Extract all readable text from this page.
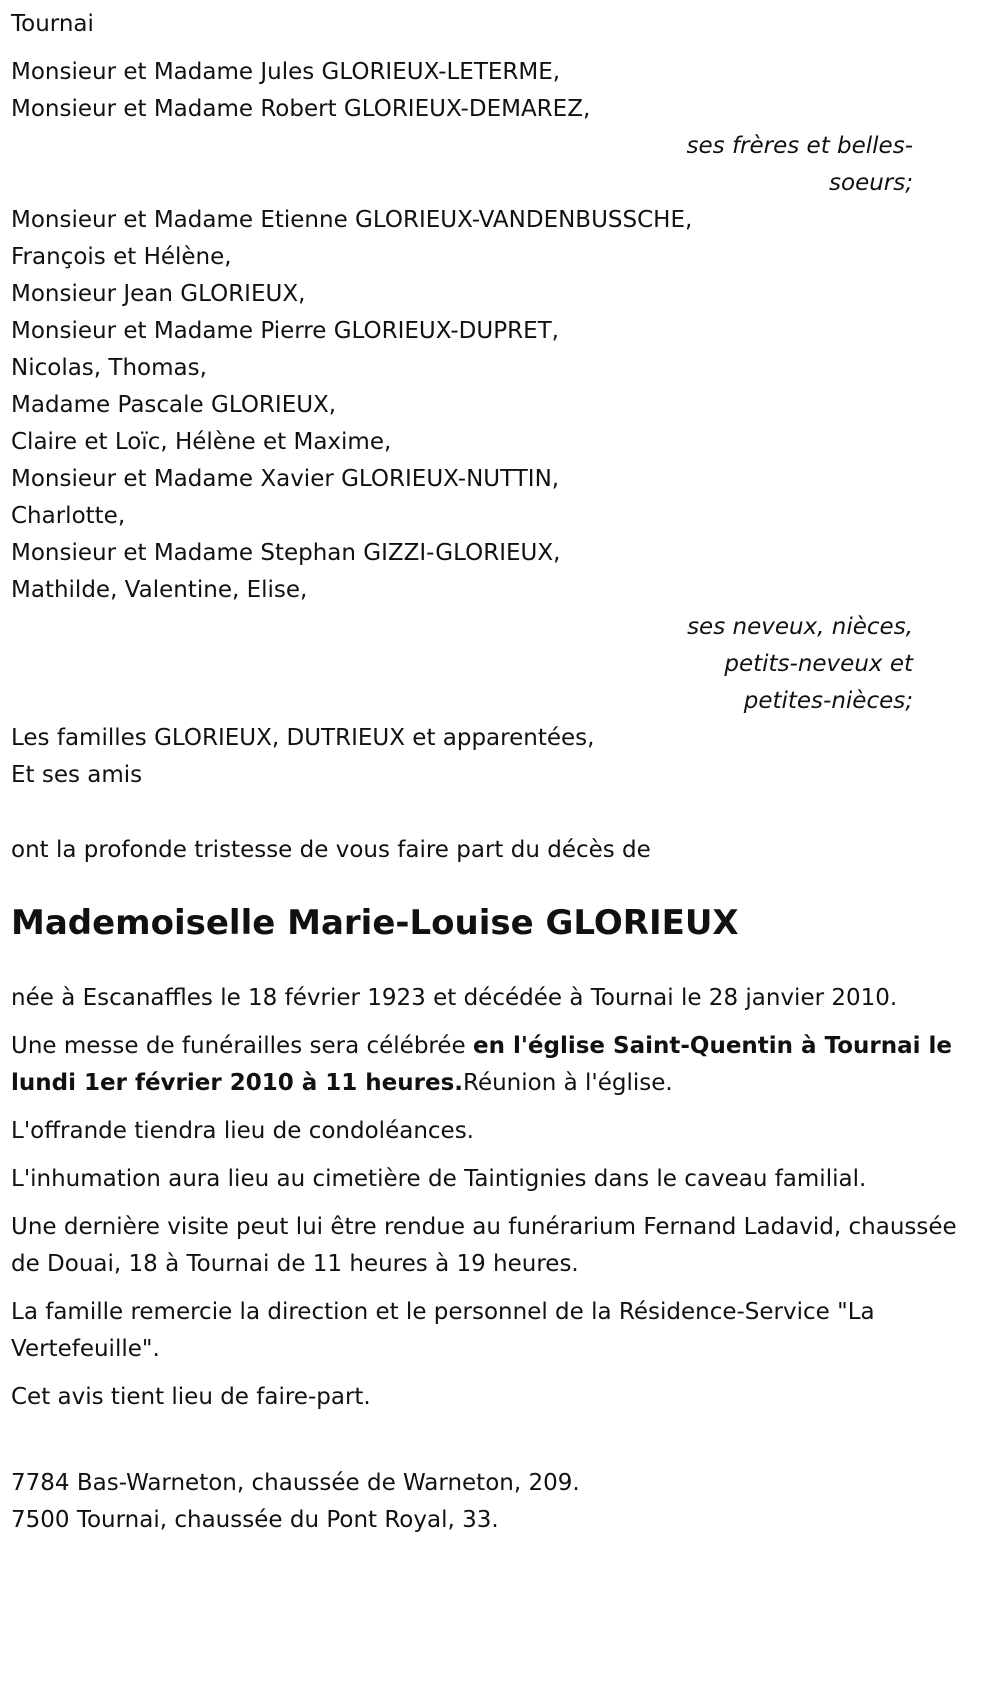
Tournai
Monsieur et Madame Jules GLORIEUX-LETERME,
Monsieur et Madame Robert GLORIEUX-DEMAREZ,
ses frères et belles-
soeurs;
Monsieur et Madame Etienne GLORIEUX-VANDENBUSSCHE,
François et Hélène,
Monsieur Jean GLORIEUX,
Monsieur et Madame Pierre GLORIEUX-DUPRET,
Nicolas, Thomas,
Madame Pascale GLORIEUX,
Claire et Loïc, Hélène et Maxime,
Monsieur et Madame Xavier GLORIEUX-NUTTIN,
Charlotte,
Monsieur et Madame Stephan GIZZI-GLORIEUX,
Mathilde, Valentine, Elise,
ses neveux, nièces,
petits-neveux et
petites-nièces;
Les familles GLORIEUX, DUTRIEUX et apparentées,
Et ses amis
ont la profonde tristesse de vous faire part du décès de
Mademoiselle Marie-Louise GLORIEUX
née à Escanaffles le 18 février 1923 et décédée à Tournai le 28 janvier 2010.
Une messe de funérailles sera célébrée en l'église Saint-Quentin à Tournai le lundi 1er février 2010 à 11 heures.Réunion à l'église.
L'offrande tiendra lieu de condoléances.
L'inhumation aura lieu au cimetière de Taintignies dans le caveau familial.
Une dernière visite peut lui être rendue au funérarium Fernand Ladavid, chaussée de Douai, 18 à Tournai de 11 heures à 19 heures.
La famille remercie la direction et le personnel de la Résidence-Service "La Vertefeuille".
Cet avis tient lieu de faire-part.
7784 Bas-Warneton, chaussée de Warneton, 209.
7500 Tournai, chaussée du Pont Royal, 33.
